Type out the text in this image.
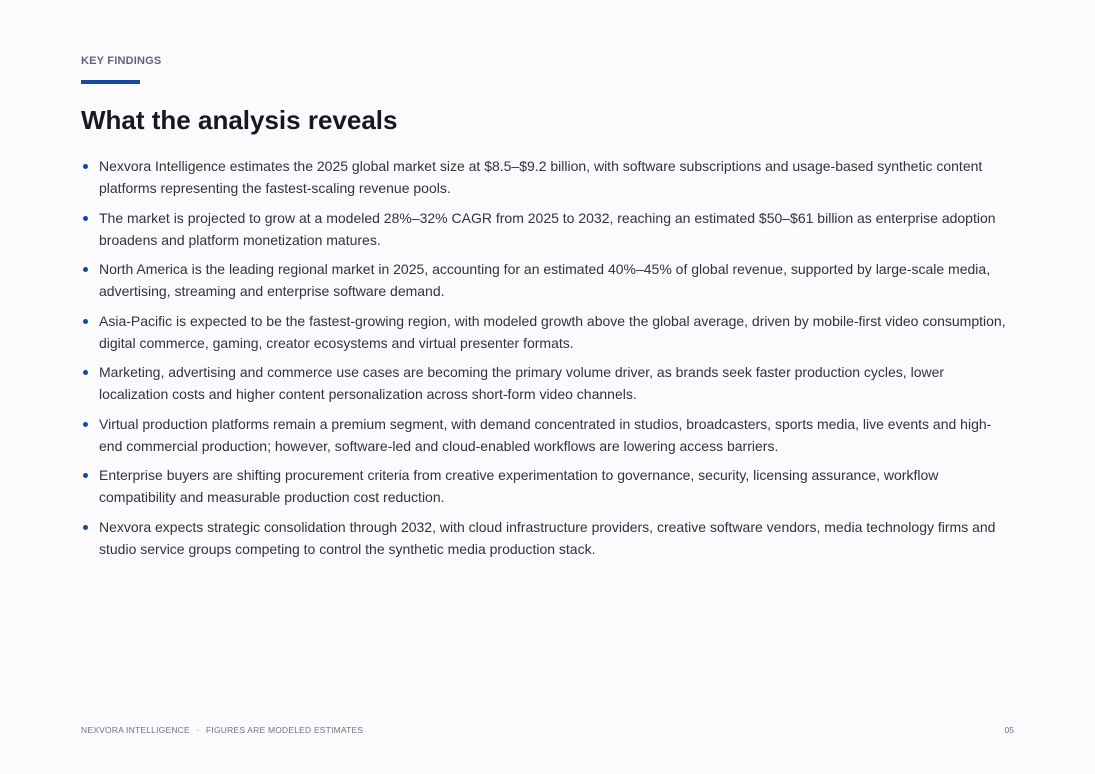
KEY FINDINGS
What the analysis reveals
Nexvora Intelligence estimates the 2025 global market size at $8.5–$9.2 billion, with software subscriptions and usage-based synthetic content platforms representing the fastest-scaling revenue pools.
The market is projected to grow at a modeled 28%–32% CAGR from 2025 to 2032, reaching an estimated $50–$61 billion as enterprise adoption broadens and platform monetization matures.
North America is the leading regional market in 2025, accounting for an estimated 40%–45% of global revenue, supported by large-scale media, advertising, streaming and enterprise software demand.
Asia-Pacific is expected to be the fastest-growing region, with modeled growth above the global average, driven by mobile-first video consumption, digital commerce, gaming, creator ecosystems and virtual presenter formats.
Marketing, advertising and commerce use cases are becoming the primary volume driver, as brands seek faster production cycles, lower localization costs and higher content personalization across short-form video channels.
Virtual production platforms remain a premium segment, with demand concentrated in studios, broadcasters, sports media, live events and high-end commercial production; however, software-led and cloud-enabled workflows are lowering access barriers.
Enterprise buyers are shifting procurement criteria from creative experimentation to governance, security, licensing assurance, workflow compatibility and measurable production cost reduction.
Nexvora expects strategic consolidation through 2032, with cloud infrastructure providers, creative software vendors, media technology firms and studio service groups competing to control the synthetic media production stack.
NEXVORA INTELLIGENCE · FIGURES ARE MODELED ESTIMATES	05
